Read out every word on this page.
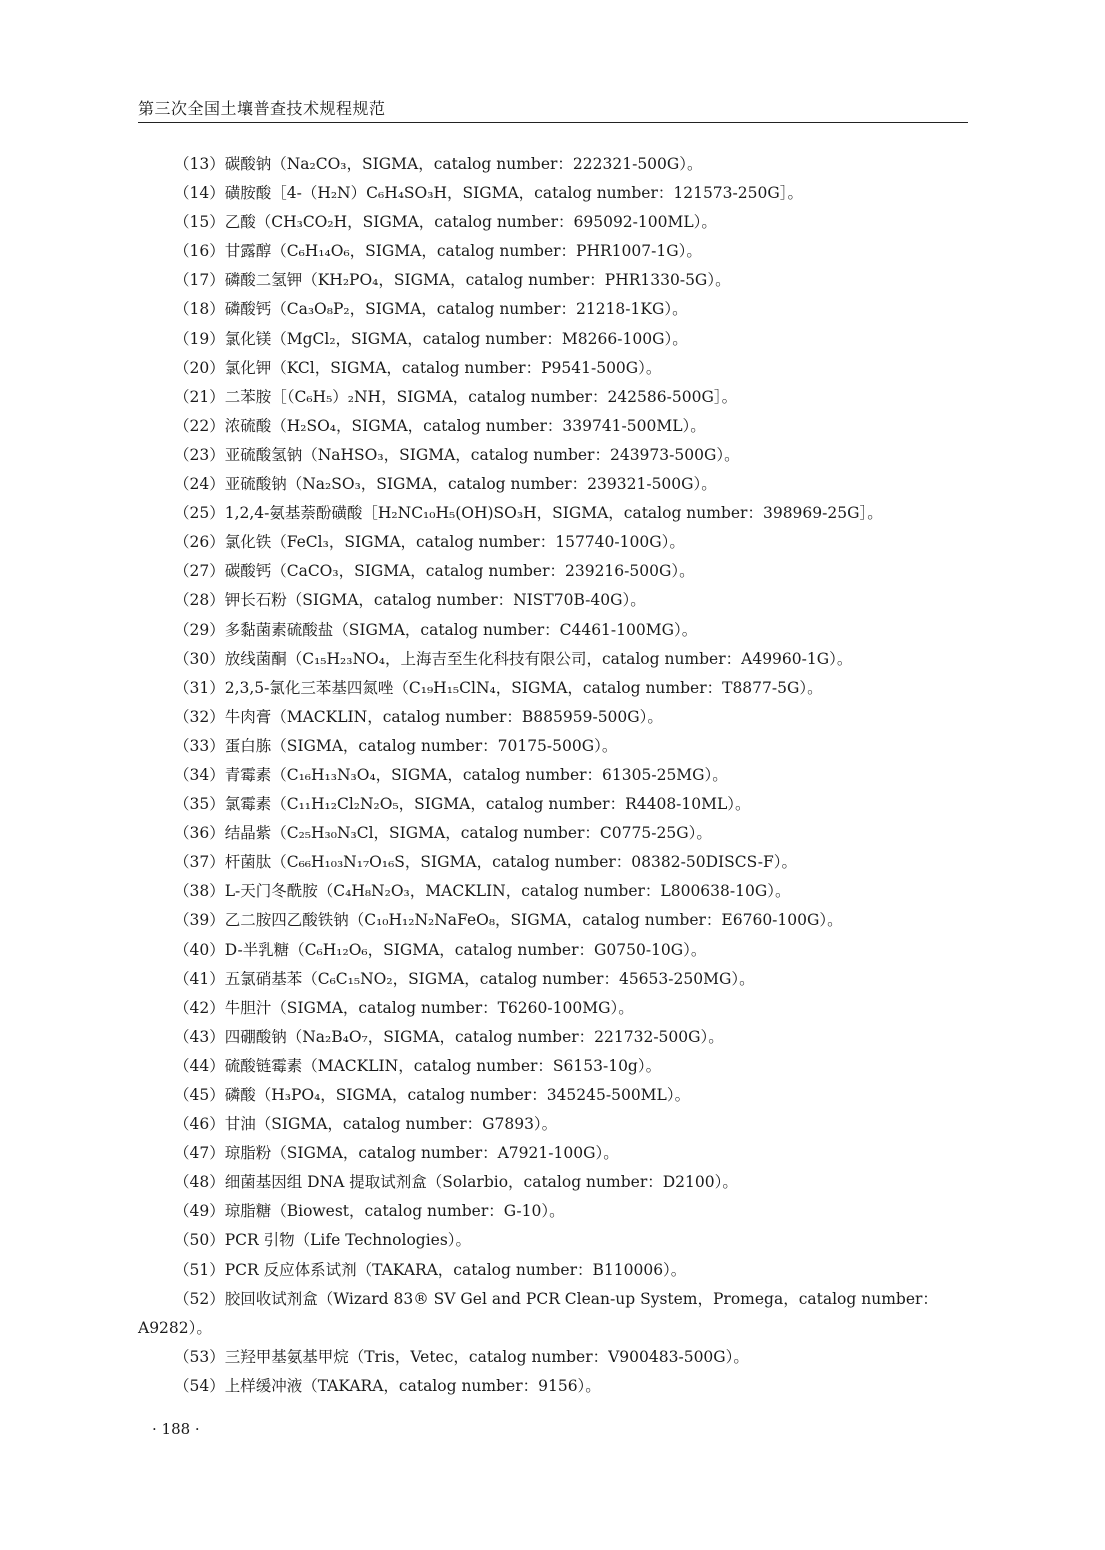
第三次全国土壤普查技术规程规范
（13）碳酸钠（Na₂CO₃，SIGMA，catalog number：222321-500G）。
（14）磺胺酸［4-（H₂N）C₆H₄SO₃H，SIGMA，catalog number：121573-250G］。
（15）乙酸（CH₃CO₂H，SIGMA，catalog number：695092-100ML）。
（16）甘露醇（C₆H₁₄O₆，SIGMA，catalog number：PHR1007-1G）。
（17）磷酸二氢钾（KH₂PO₄，SIGMA，catalog number：PHR1330-5G）。
（18）磷酸钙（Ca₃O₈P₂，SIGMA，catalog number：21218-1KG）。
（19）氯化镁（MgCl₂，SIGMA，catalog number：M8266-100G）。
（20）氯化钾（KCl，SIGMA，catalog number：P9541-500G）。
（21）二苯胺［（C₆H₅）₂NH，SIGMA，catalog number：242586-500G］。
（22）浓硫酸（H₂SO₄，SIGMA，catalog number：339741-500ML）。
（23）亚硫酸氢钠（NaHSO₃，SIGMA，catalog number：243973-500G）。
（24）亚硫酸钠（Na₂SO₃，SIGMA，catalog number：239321-500G）。
（25）1,2,4-氨基萘酚磺酸［H₂NC₁₀H₅(OH)SO₃H，SIGMA，catalog number：398969-25G］。
（26）氯化铁（FeCl₃，SIGMA，catalog number：157740-100G）。
（27）碳酸钙（CaCO₃，SIGMA，catalog number：239216-500G）。
（28）钾长石粉（SIGMA，catalog number：NIST70B-40G）。
（29）多黏菌素硫酸盐（SIGMA，catalog number：C4461-100MG）。
（30）放线菌酮（C₁₅H₂₃NO₄，上海吉至生化科技有限公司，catalog number：A49960-1G）。
（31）2,3,5-氯化三苯基四氮唑（C₁₉H₁₅ClN₄，SIGMA，catalog number：T8877-5G）。
（32）牛肉膏（MACKLIN，catalog number：B885959-500G）。
（33）蛋白胨（SIGMA，catalog number：70175-500G）。
（34）青霉素（C₁₆H₁₃N₃O₄，SIGMA，catalog number：61305-25MG）。
（35）氯霉素（C₁₁H₁₂Cl₂N₂O₅，SIGMA，catalog number：R4408-10ML）。
（36）结晶紫（C₂₅H₃₀N₃Cl，SIGMA，catalog number：C0775-25G）。
（37）杆菌肽（C₆₆H₁₀₃N₁₇O₁₆S，SIGMA，catalog number：08382-50DISCS-F）。
（38）L-天门冬酰胺（C₄H₈N₂O₃，MACKLIN，catalog number：L800638-10G）。
（39）乙二胺四乙酸铁钠（C₁₀H₁₂N₂NaFeO₈，SIGMA，catalog number：E6760-100G）。
（40）D-半乳糖（C₆H₁₂O₆，SIGMA，catalog number：G0750-10G）。
（41）五氯硝基苯（C₆C₁₅NO₂，SIGMA，catalog number：45653-250MG）。
（42）牛胆汁（SIGMA，catalog number：T6260-100MG）。
（43）四硼酸钠（Na₂B₄O₇，SIGMA，catalog number：221732-500G）。
（44）硫酸链霉素（MACKLIN，catalog number：S6153-10g）。
（45）磷酸（H₃PO₄，SIGMA，catalog number：345245-500ML）。
（46）甘油（SIGMA，catalog number：G7893）。
（47）琼脂粉（SIGMA，catalog number：A7921-100G）。
（48）细菌基因组 DNA 提取试剂盒（Solarbio，catalog number：D2100）。
（49）琼脂糖（Biowest，catalog number：G-10）。
（50）PCR 引物（Life Technologies）。
（51）PCR 反应体系试剂（TAKARA，catalog number：B110006）。
（52）胶回收试剂盒（Wizard 83® SV Gel and PCR Clean-up System，Promega，catalog number：A9282）。
（53）三羟甲基氨基甲烷（Tris，Vetec，catalog number：V900483-500G）。
（54）上样缓冲液（TAKARA，catalog number：9156）。
· 188 ·
